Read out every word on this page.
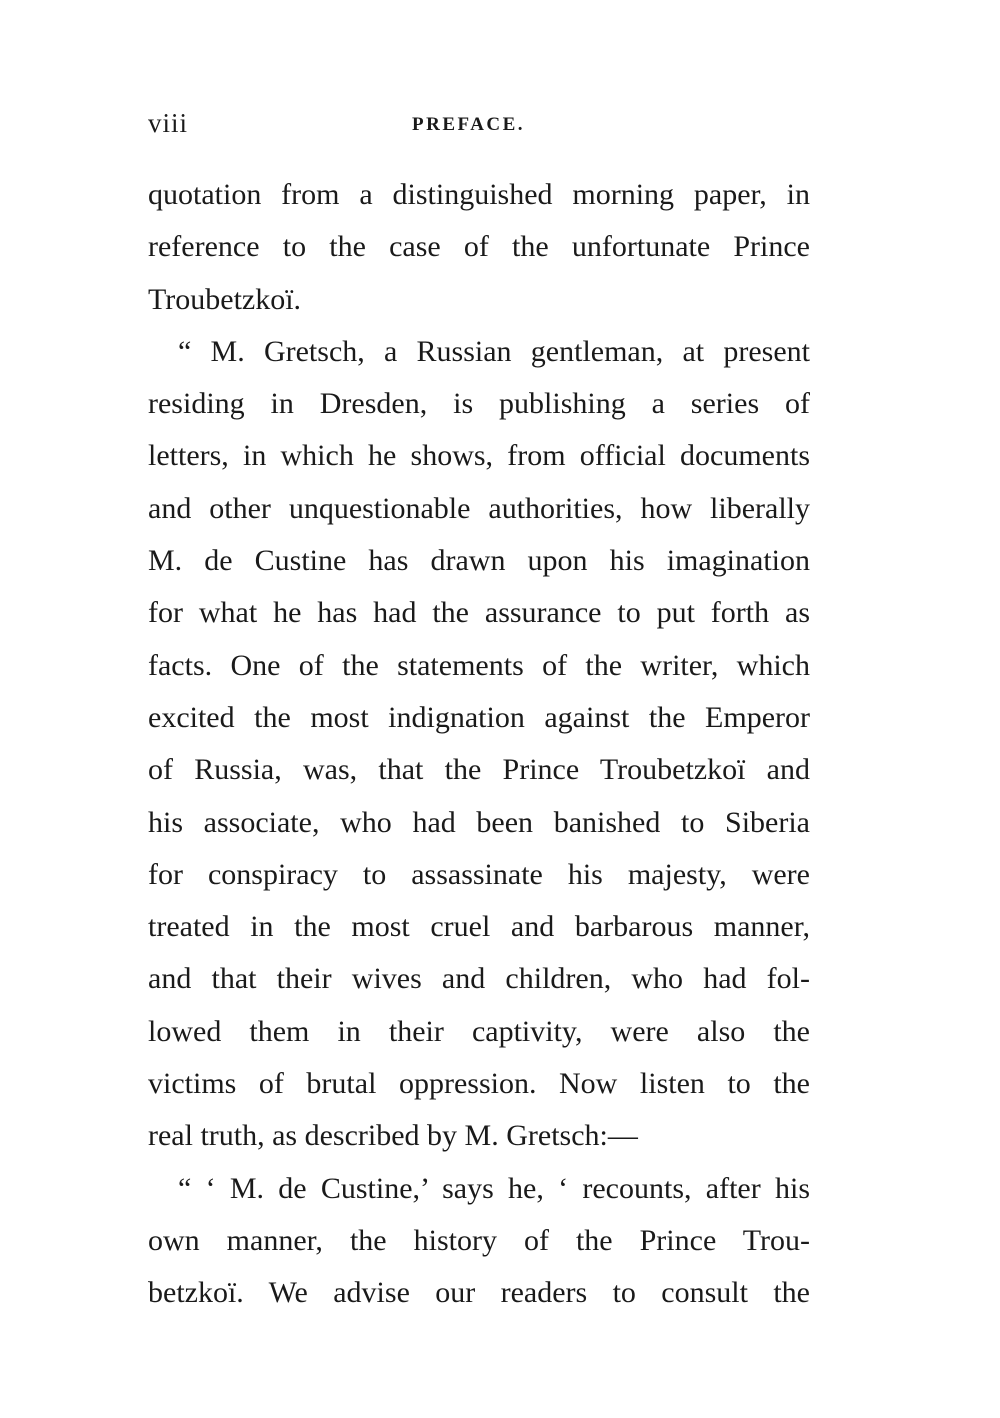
viii	PREFACE.
quotation from a distinguished morning paper, in
reference to the case of the unfortunate Prince
Troubetzkoï.
“ M. Gretsch, a Russian gentleman, at present
residing in Dresden, is publishing a series of
letters, in which he shows, from official documents
and other unquestionable authorities, how liberally
M. de Custine has drawn upon his imagination
for what he has had the assurance to put forth as
facts. One of the statements of the writer, which
excited the most indignation against the Emperor
of Russia, was, that the Prince Troubetzkoï and
his associate, who had been banished to Siberia
for conspiracy to assassinate his majesty, were
treated in the most cruel and barbarous manner,
and that their wives and children, who had fol-
lowed them in their captivity, were also the
victims of brutal oppression. Now listen to the
real truth, as described by M. Gretsch:—
“ ‘ M. de Custine,’ says he, ‘ recounts, after his
own manner, the history of the Prince Trou-
betzkoï. We advise our readers to consult the
